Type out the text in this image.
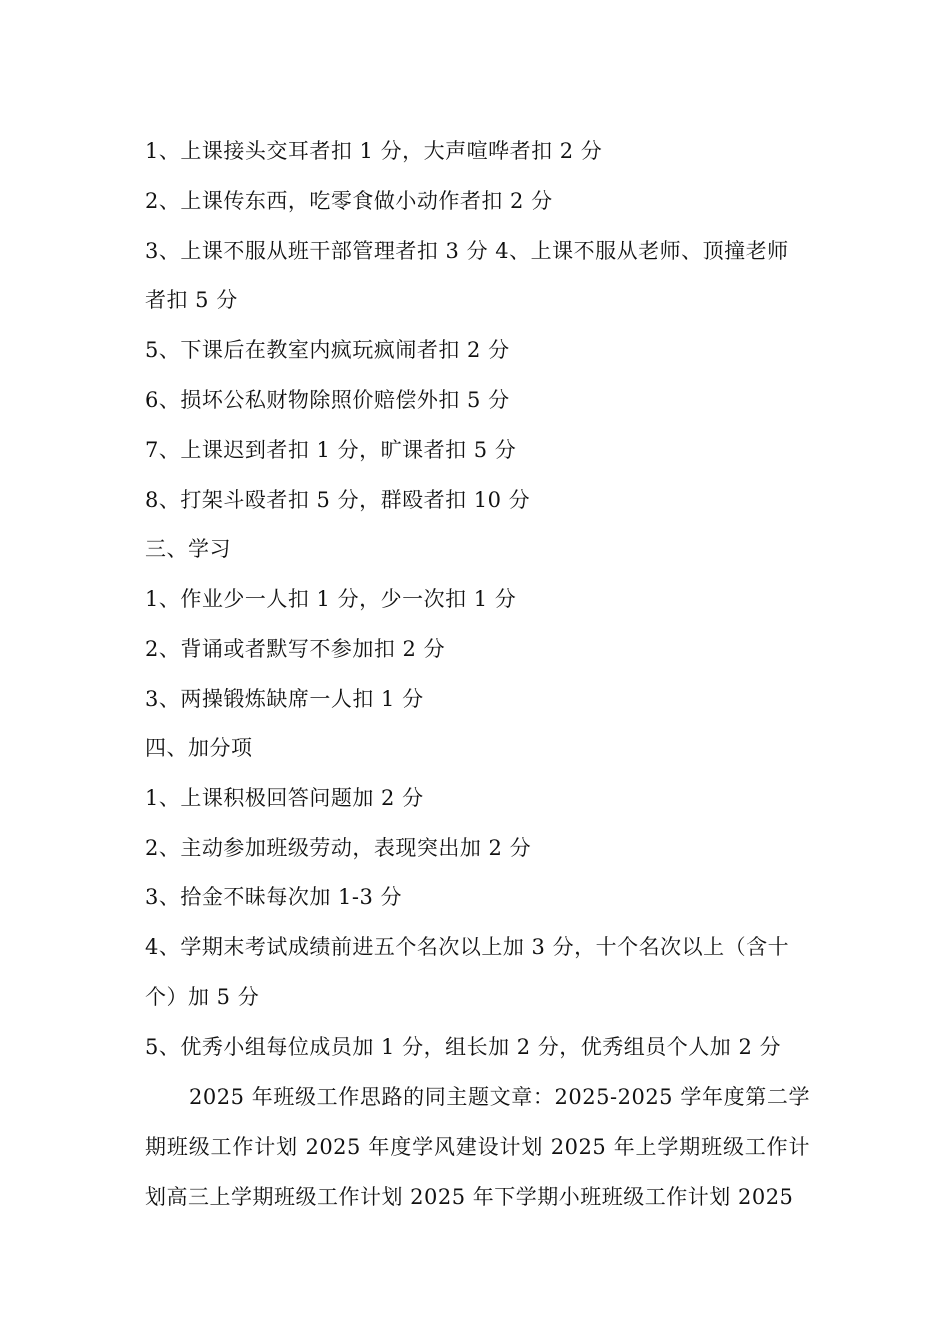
1、上课接头交耳者扣 1 分，大声喧哗者扣 2 分
2、上课传东西，吃零食做小动作者扣 2 分
3、上课不服从班干部管理者扣 3 分 4、上课不服从老师、顶撞老师
者扣 5 分
5、下课后在教室内疯玩疯闹者扣 2 分
6、损坏公私财物除照价赔偿外扣 5 分
7、上课迟到者扣 1 分，旷课者扣 5 分
8、打架斗殴者扣 5 分，群殴者扣 10 分
三、学习
1、作业少一人扣 1 分，少一次扣 1 分
2、背诵或者默写不参加扣 2 分
3、两操锻炼缺席一人扣 1 分
四、加分项
1、上课积极回答问题加 2 分
2、主动参加班级劳动，表现突出加 2 分
3、拾金不昧每次加 1-3 分
4、学期末考试成绩前进五个名次以上加 3 分，十个名次以上（含十
个）加 5 分
5、优秀小组每位成员加 1 分，组长加 2 分，优秀组员个人加 2 分
2025 年班级工作思路的同主题文章：2025-2025 学年度第二学期班级工作计划 2025 年度学风建设计划 2025 年上学期班级工作计划高三上学期班级工作计划 2025 年下学期小班班级工作计划 2025
